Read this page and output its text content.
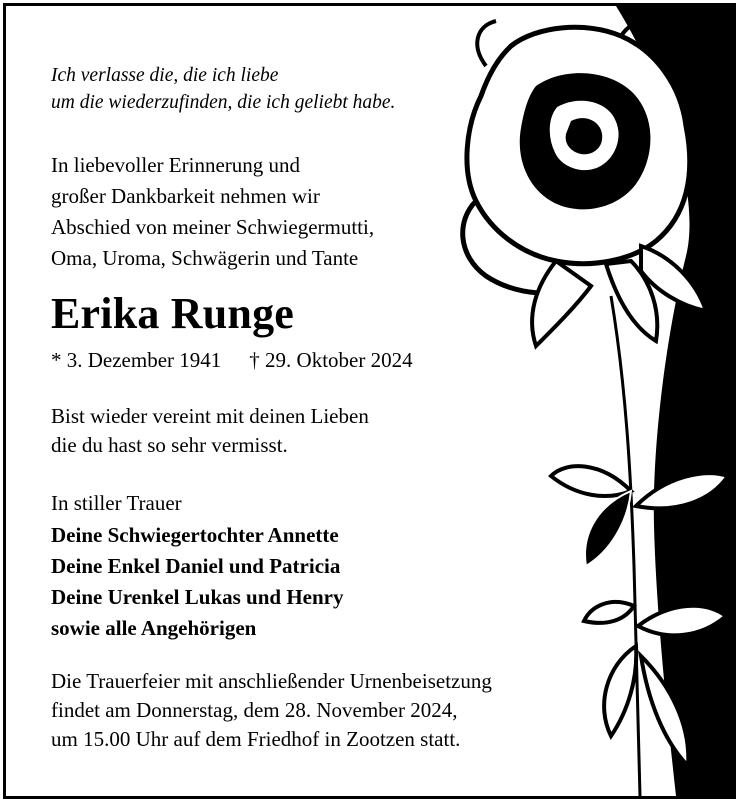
Ich verlasse die, die ich liebe
um die wiederzufinden, die ich geliebt habe.
In liebevoller Erinnerung und
großer Dankbarkeit nehmen wir
Abschied von meiner Schwiegermutti,
Oma, Uroma, Schwägerin und Tante
Erika Runge
* 3. Dezember 1941 † 29. Oktober 2024
Bist wieder vereint mit deinen Lieben
die du hast so sehr vermisst.
In stiller Trauer
Deine Schwiegertochter Annette
Deine Enkel Daniel und Patricia
Deine Urenkel Lukas und Henry
sowie alle Angehörigen
Die Trauerfeier mit anschließender Urnenbeisetzung
findet am Donnerstag, dem 28. November 2024,
um 15.00 Uhr auf dem Friedhof in Zootzen statt.
